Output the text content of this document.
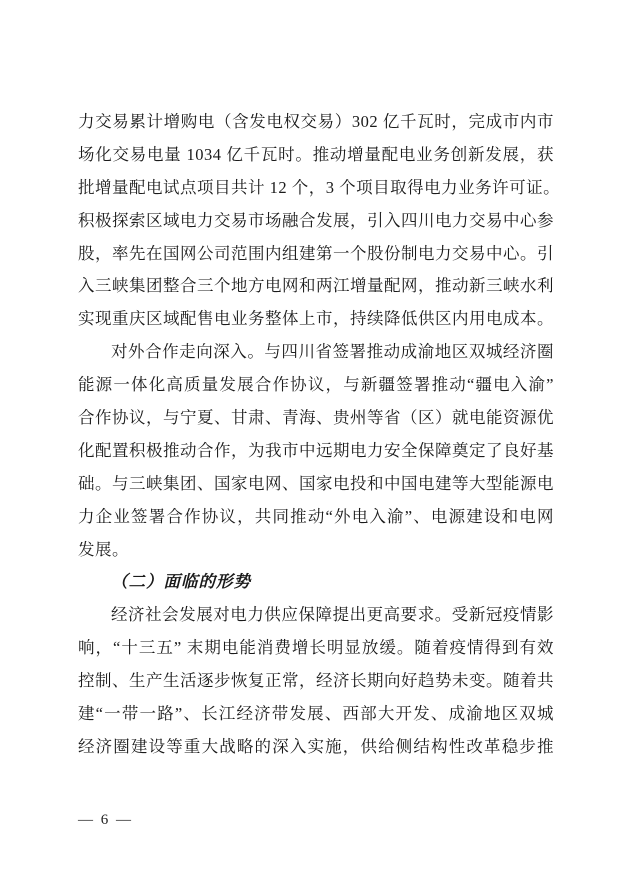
力交易累计增购电（含发电权交易）302 亿千瓦时，完成市内市
场化交易电量 1034 亿千瓦时。推动增量配电业务创新发展，获
批增量配电试点项目共计 12 个，3 个项目取得电力业务许可证。
积极探索区域电力交易市场融合发展，引入四川电力交易中心参
股，率先在国网公司范围内组建第一个股份制电力交易中心。引
入三峡集团整合三个地方电网和两江增量配网，推动新三峡水利
实现重庆区域配售电业务整体上市，持续降低供区内用电成本。
对外合作走向深入。与四川省签署推动成渝地区双城经济圈
能源一体化高质量发展合作协议，与新疆签署推动“疆电入渝”
合作协议，与宁夏、甘肃、青海、贵州等省（区）就电能资源优
化配置积极推动合作，为我市中远期电力安全保障奠定了良好基
础。与三峡集团、国家电网、国家电投和中国电建等大型能源电
力企业签署合作协议，共同推动“外电入渝”、电源建设和电网
发展。
（二）面临的形势
经济社会发展对电力供应保障提出更高要求。受新冠疫情影
响，“十三五” 末期电能消费增长明显放缓。随着疫情得到有效
控制、生产生活逐步恢复正常，经济长期向好趋势未变。随着共
建“一带一路”、长江经济带发展、西部大开发、成渝地区双城
经济圈建设等重大战略的深入实施，供给侧结构性改革稳步推
— 6 —
